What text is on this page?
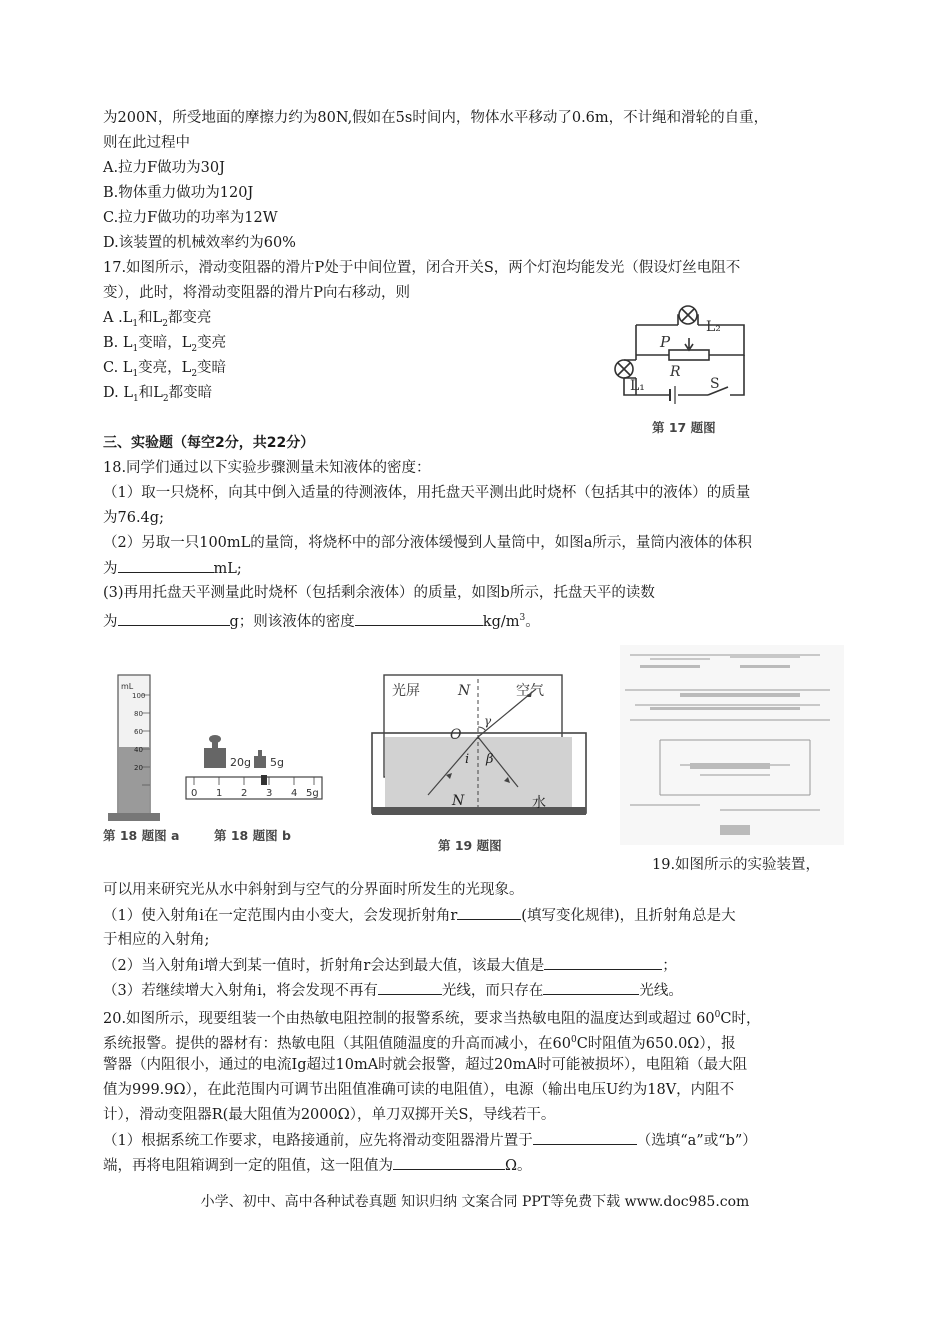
为200N，所受地面的摩擦力约为80N,假如在5s时间内，物体水平移动了0.6m，不计绳和滑轮的自重，
则在此过程中
A.拉力F做功为30J
B.物体重力做功为120J
C.拉力F做功的功率为12W
D.该装置的机械效率约为60%
17.如图所示，滑动变阻器的滑片P处于中间位置，闭合开关S，两个灯泡均能发光（假设灯丝电阻不
变），此时，将滑动变阻器的滑片P向右移动，则
A $.L_1$和$L_2$都变亮
B. $L_1$变暗，$L_2$变亮
C. $L_1$变亮，$L_2$变暗
D. $L_1$和$L_2$都变暗
L₂
P
R
L₁	S
第 17 题图
三、实验题（每空2分，共22分）
18.同学们通过以下实验步骤测量未知液体的密度：
（1）取一只烧杯，向其中倒入适量的待测液体，用托盘天平测出此时烧杯（包括其中的液体）的质量
为76.4g;
（2）另取一只100mL的量筒，将烧杯中的部分液体缓慢到人量筒中，如图a所示，量筒内液体的体积
为	mL;
(3)再用托盘天平测量此时烧杯（包括剩余液体）的质量，如图b所示，托盘天平的读数
为	g；则该液体的密度	$kg/m^3$。
mL
100
80
60
40
20
第 18 题图 a
20g 5g
0 1 2 3 4 5g
第 18 题图 b
光屏	N	空气
O
γ
i β
N	水
第 19 题图
19.如图所示的实验装置，
可以用来研究光从水中斜射到与空气的分界面时所发生的光现象。
（1）使入射角i在一定范围内由小变大，会发现折射角r	(填写变化规律)，且折射角总是大
于相应的入射角;
（2）当入射角i增大到某一值时，折射角r会达到最大值，该最大值是	；
（3）若继续增大入射角i，将会发现不再有	光线，而只存在	光线。
20.如图所示，现要组装一个由热敏电阻控制的报警系统，要求当热敏电阻的温度达到或超过 $60^0C$时，
系统报警。提供的器材有：热敏电阻（其阻值随温度的升高而减小，在$60^0C$时阻值为650.0Ω），报
警器（内阻很小，通过的电流Ig超过10mA时就会报警，超过20mA时可能被损坏），电阻箱（最大阻
值为999.9Ω），在此范围内可调节出阻值准确可读的电阻值），电源（输出电压U约为18V，内阻不
计），滑动变阻器R(最大阻值为2000Ω），单刀双掷开关S，导线若干。
（1）根据系统工作要求，电路接通前，应先将滑动变阻器滑片置于	（选填“a”或“b”）
端，再将电阻箱调到一定的阻值，这一阻值为	Ω。
小学、初中、高中各种试卷真题 知识归纳 文案合同 PPT等免费下载 www.doc985.com
